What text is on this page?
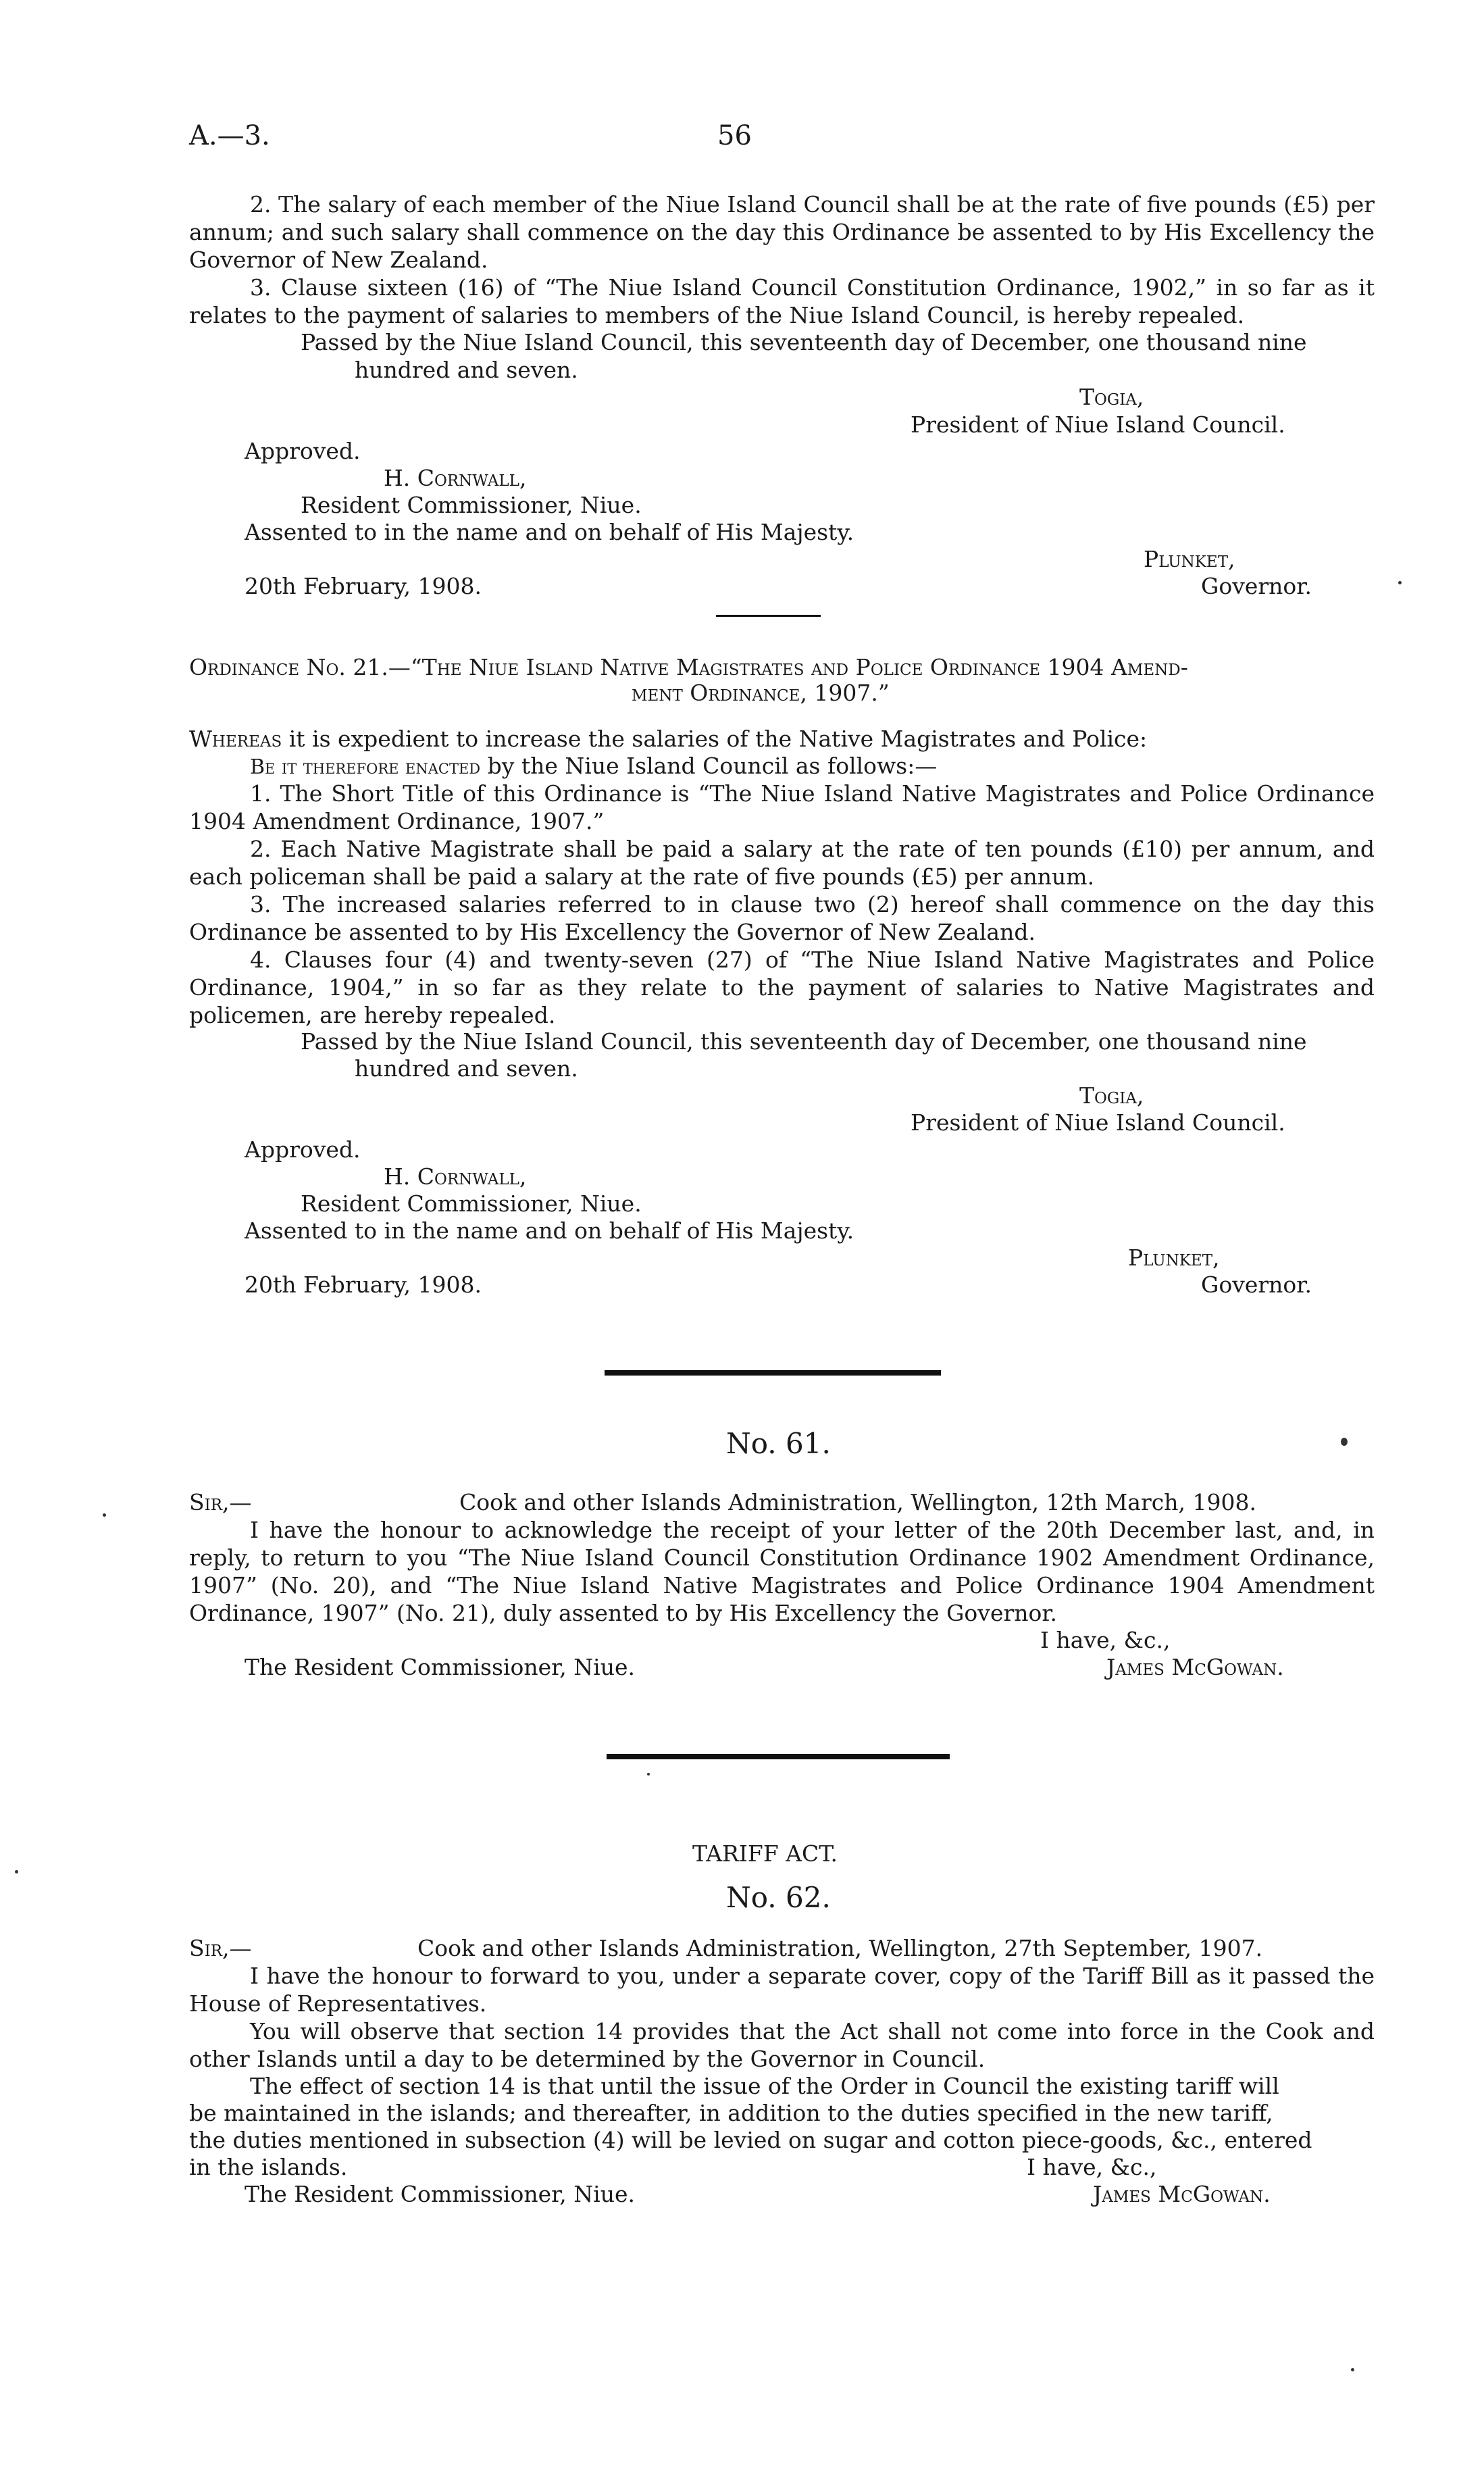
A.—3.	56
2. The salary of each member of the Niue Island Council shall be at the rate of five pounds (£5) per annum; and such salary shall commence on the day this Ordinance be assented to by His Excellency the Governor of New Zealand.
3. Clause sixteen (16) of “The Niue Island Council Constitution Ordinance, 1902,” in so far as it relates to the payment of salaries to members of the Niue Island Council, is hereby repealed.
Passed by the Niue Island Council, this seventeenth day of December, one thousand nine
hundred and seven.
Togia,
President of Niue Island Council.
Approved.
H. Cornwall,
Resident Commissioner, Niue.
Assented to in the name and on behalf of His Majesty.
Plunket,
Governor.
20th February, 1908.
Ordinance No. 21.—“The Niue Island Native Magistrates and Police Ordinance 1904 Amend-
ment Ordinance, 1907.”
Whereas it is expedient to increase the salaries of the Native Magistrates and Police:
Be it therefore enacted by the Niue Island Council as follows:—
1. The Short Title of this Ordinance is “The Niue Island Native Magistrates and Police Ordinance 1904 Amendment Ordinance, 1907.”
2. Each Native Magistrate shall be paid a salary at the rate of ten pounds (£10) per annum, and each policeman shall be paid a salary at the rate of five pounds (£5) per annum.
3. The increased salaries referred to in clause two (2) hereof shall commence on the day this Ordinance be assented to by His Excellency the Governor of New Zealand.
4. Clauses four (4) and twenty-seven (27) of “The Niue Island Native Magistrates and Police Ordinance, 1904,” in so far as they relate to the payment of salaries to Native Magistrates and policemen, are hereby repealed.
Passed by the Niue Island Council, this seventeenth day of December, one thousand nine
hundred and seven.
Togia,
President of Niue Island Council.
Approved.
H. Cornwall,
Resident Commissioner, Niue.
Assented to in the name and on behalf of His Majesty.
Plunket,
Governor.
20th February, 1908.
No. 61.
Sir,—	Cook and other Islands Administration, Wellington, 12th March, 1908.
I have the honour to acknowledge the receipt of your letter of the 20th December last, and, in reply, to return to you “The Niue Island Council Constitution Ordinance 1902 Amendment Ordinance, 1907” (No. 20), and “The Niue Island Native Magistrates and Police Ordinance 1904 Amendment Ordinance, 1907” (No. 21), duly assented to by His Excellency the Governor.
I have, &c.,
The Resident Commissioner, Niue.	James McGowan.
TARIFF ACT.
No. 62.
Sir,—	Cook and other Islands Administration, Wellington, 27th September, 1907.
I have the honour to forward to you, under a separate cover, copy of the Tariff Bill as it passed the House of Representatives.
You will observe that section 14 provides that the Act shall not come into force in the Cook and other Islands until a day to be determined by the Governor in Council.
The effect of section 14 is that until the issue of the Order in Council the existing tariff will
be maintained in the islands; and thereafter, in addition to the duties specified in the new tariff,
the duties mentioned in subsection (4) will be levied on sugar and cotton piece-goods, &c., entered
in the islands.	I have, &c.,
The Resident Commissioner, Niue.	James McGowan.
